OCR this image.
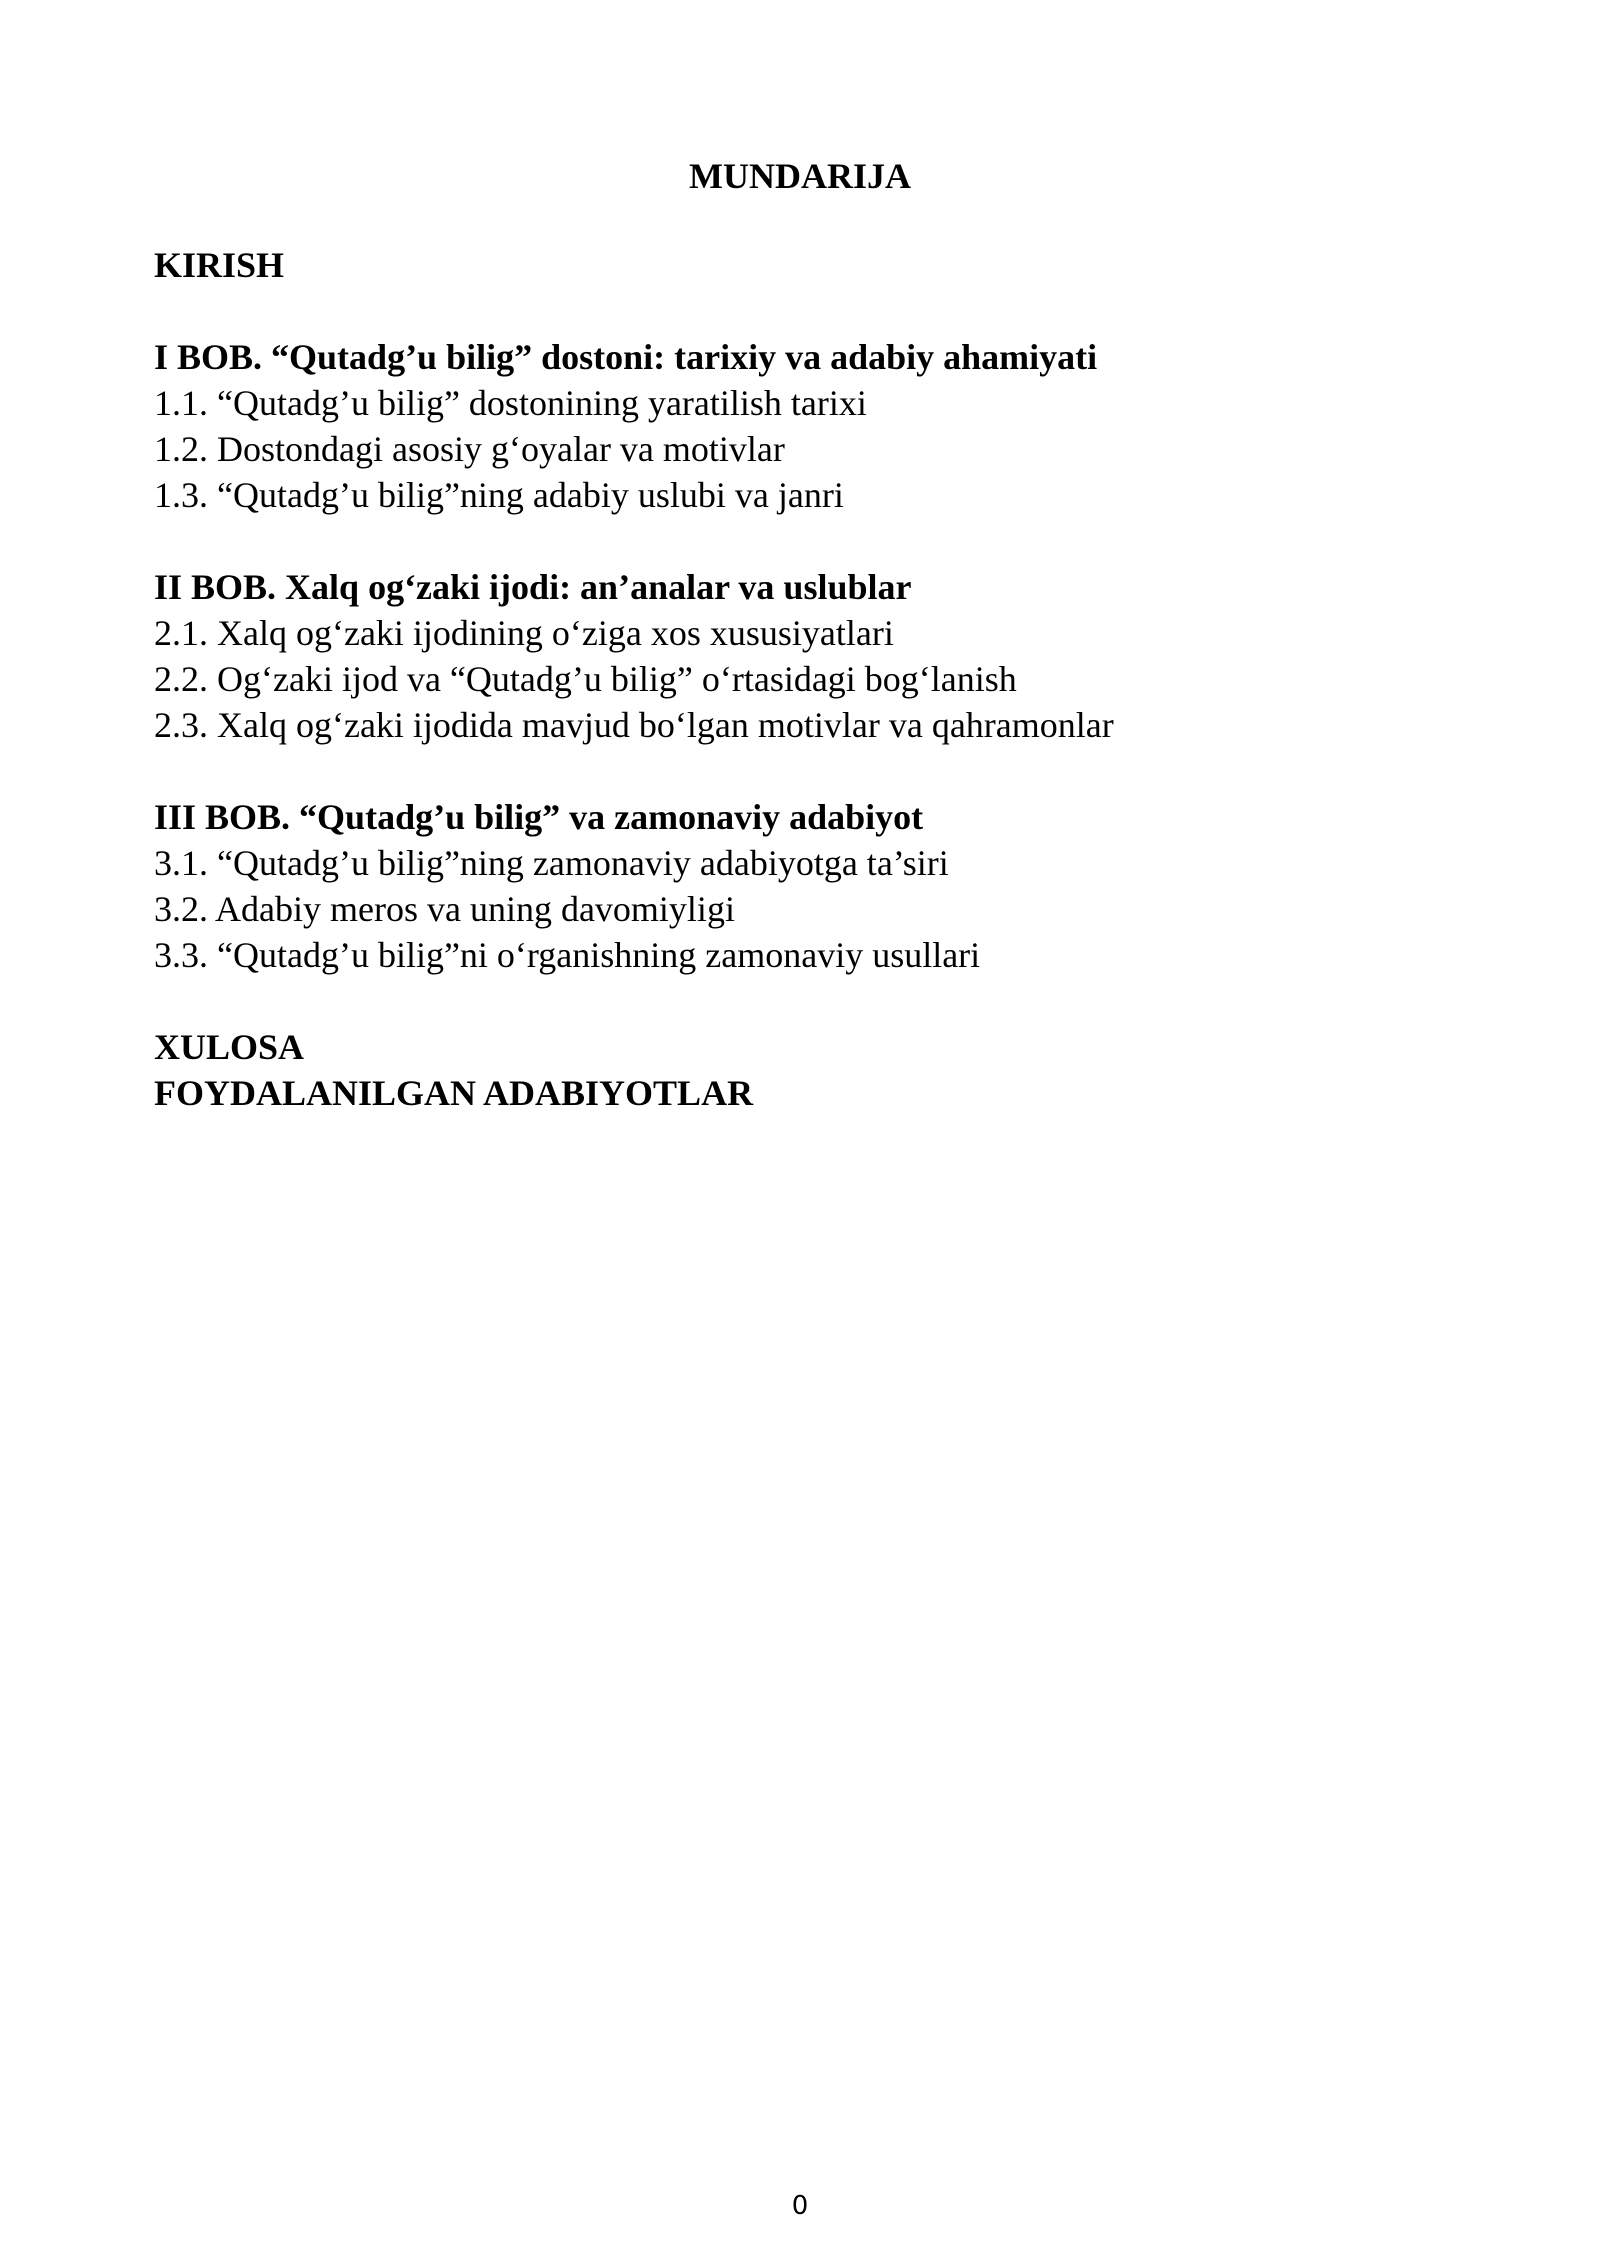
MUNDARIJA
KIRISH
I BOB. “Qutadg’u bilig” dostoni: tarixiy va adabiy ahamiyati
1.1. “Qutadg’u bilig” dostonining yaratilish tarixi
1.2. Dostondagi asosiy g‘oyalar va motivlar
1.3. “Qutadg’u bilig”ning adabiy uslubi va janri
II BOB. Xalq og‘zaki ijodi: an’analar va uslublar
2.1. Xalq og‘zaki ijodining o‘ziga xos xususiyatlari
2.2. Og‘zaki ijod va “Qutadg’u bilig” o‘rtasidagi bog‘lanish
2.3. Xalq og‘zaki ijodida mavjud bo‘lgan motivlar va qahramonlar
III BOB. “Qutadg’u bilig” va zamonaviy adabiyot
3.1. “Qutadg’u bilig”ning zamonaviy adabiyotga ta’siri
3.2. Adabiy meros va uning davomiyligi
3.3. “Qutadg’u bilig”ni o‘rganishning zamonaviy usullari
XULOSA
FOYDALANILGAN ADABIYOTLAR
0
